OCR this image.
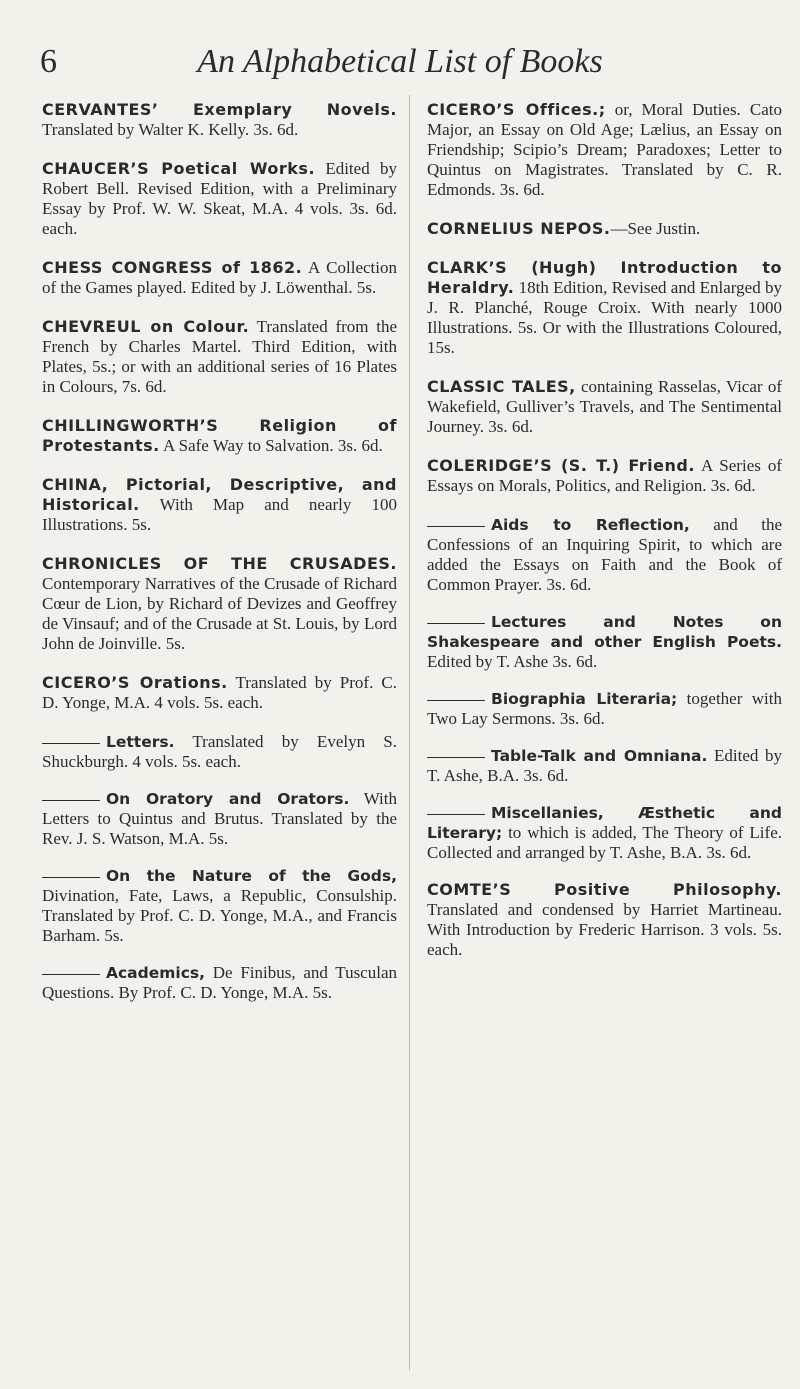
6	An Alphabetical List of Books

CERVANTES’ Exemplary Novels. Translated by Walter K. Kelly. 3s. 6d.

CHAUCER’S Poetical Works. Edited by Robert Bell. Revised Edition, with a Preliminary Essay by Prof. W. W. Skeat, M.A. 4 vols. 3s. 6d. each.

CHESS CONGRESS of 1862. A Collection of the Games played. Edited by J. Löwenthal. 5s.

CHEVREUL on Colour. Translated from the French by Charles Martel. Third Edition, with Plates, 5s.; or with an additional series of 16 Plates in Colours, 7s. 6d.

CHILLINGWORTH’S Religion of Protestants. A Safe Way to Salvation. 3s. 6d.

CHINA, Pictorial, Descriptive, and Historical. With Map and nearly 100 Illustrations. 5s.

CHRONICLES OF THE CRUSADES. Contemporary Narratives of the Crusade of Richard Cœur de Lion, by Richard of Devizes and Geoffrey de Vinsauf; and of the Crusade at St. Louis, by Lord John de Joinville. 5s.

CICERO’S Orations. Translated by Prof. C. D. Yonge, M.A. 4 vols. 5s. each.

Letters. Translated by Evelyn S. Shuckburgh. 4 vols. 5s. each.

On Oratory and Orators. With Letters to Quintus and Brutus. Translated by the Rev. J. S. Watson, M.A. 5s.

On the Nature of the Gods, Divination, Fate, Laws, a Republic, Consulship. Translated by Prof. C. D. Yonge, M.A., and Francis Barham. 5s.

Academics, De Finibus, and Tusculan Questions. By Prof. C. D. Yonge, M.A. 5s.

CICERO’S Offices.; or, Moral Duties. Cato Major, an Essay on Old Age; Lælius, an Essay on Friendship; Scipio’s Dream; Paradoxes; Letter to Quintus on Magistrates. Translated by C. R. Edmonds. 3s. 6d.

CORNELIUS NEPOS.—See Justin.

CLARK’S (Hugh) Introduction to Heraldry. 18th Edition, Revised and Enlarged by J. R. Planché, Rouge Croix. With nearly 1000 Illustrations. 5s. Or with the Illustrations Coloured, 15s.

CLASSIC TALES, containing Rasselas, Vicar of Wakefield, Gulliver’s Travels, and The Sentimental Journey. 3s. 6d.

COLERIDGE’S (S. T.) Friend. A Series of Essays on Morals, Politics, and Religion. 3s. 6d.

Aids to Reflection, and the Confessions of an Inquiring Spirit, to which are added the Essays on Faith and the Book of Common Prayer. 3s. 6d.

Lectures and Notes on Shakespeare and other English Poets. Edited by T. Ashe 3s. 6d.

Biographia Literaria; together with Two Lay Sermons. 3s. 6d.

Table-Talk and Omniana. Edited by T. Ashe, B.A. 3s. 6d.

Miscellanies, Æsthetic and Literary; to which is added, The Theory of Life. Collected and arranged by T. Ashe, B.A. 3s. 6d.

COMTE’S Positive Philosophy. Translated and condensed by Harriet Martineau. With Introduction by Frederic Harrison. 3 vols. 5s. each.
